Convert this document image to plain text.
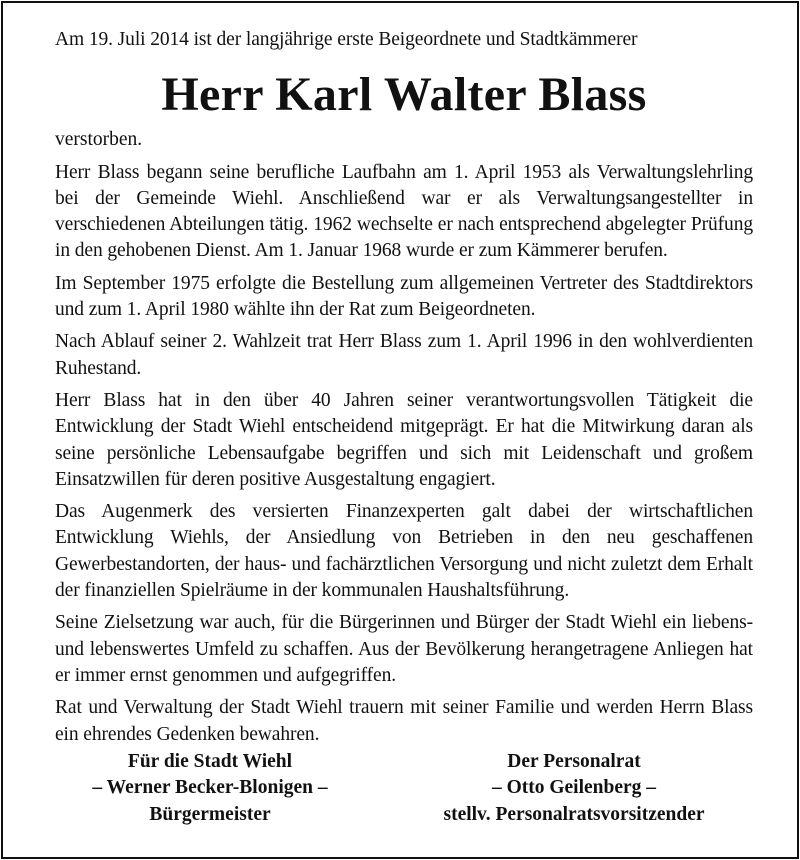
Am 19. Juli 2014 ist der langjährige erste Beigeordnete und Stadtkämmerer

Herr Karl Walter Blass

verstorben.

Herr Blass begann seine berufliche Laufbahn am 1. April 1953 als Verwaltungslehrling bei der Gemeinde Wiehl. Anschließend war er als Verwaltungsangestellter in verschiedenen Abteilungen tätig. 1962 wechselte er nach entsprechend abgelegter Prüfung in den gehobenen Dienst. Am 1. Januar 1968 wurde er zum Kämmerer berufen.

Im September 1975 erfolgte die Bestellung zum allgemeinen Vertreter des Stadtdirektors und zum 1. April 1980 wählte ihn der Rat zum Beigeordneten.

Nach Ablauf seiner 2. Wahlzeit trat Herr Blass zum 1. April 1996 in den wohlverdienten Ruhestand.

Herr Blass hat in den über 40 Jahren seiner verantwortungsvollen Tätigkeit die Entwicklung der Stadt Wiehl entscheidend mitgeprägt. Er hat die Mitwirkung daran als seine persönliche Lebensaufgabe begriffen und sich mit Leidenschaft und großem Einsatzwillen für deren positive Ausgestaltung engagiert.

Das Augenmerk des versierten Finanzexperten galt dabei der wirtschaftlichen Entwicklung Wiehls, der Ansiedlung von Betrieben in den neu geschaffenen Gewerbestandorten, der haus- und fachärztlichen Versorgung und nicht zuletzt dem Erhalt der finanziellen Spielräume in der kommunalen Haushaltsführung.

Seine Zielsetzung war auch, für die Bürgerinnen und Bürger der Stadt Wiehl ein liebens- und lebenswertes Umfeld zu schaffen. Aus der Bevölkerung herangetragene Anliegen hat er immer ernst genommen und aufgegriffen.

Rat und Verwaltung der Stadt Wiehl trauern mit seiner Familie und werden Herrn Blass ein ehrendes Gedenken bewahren.

Für die Stadt Wiehl
– Werner Becker-Blonigen –
Bürgermeister
Der Personalrat
– Otto Geilenberg –
stellv. Personalratsvorsitzender
